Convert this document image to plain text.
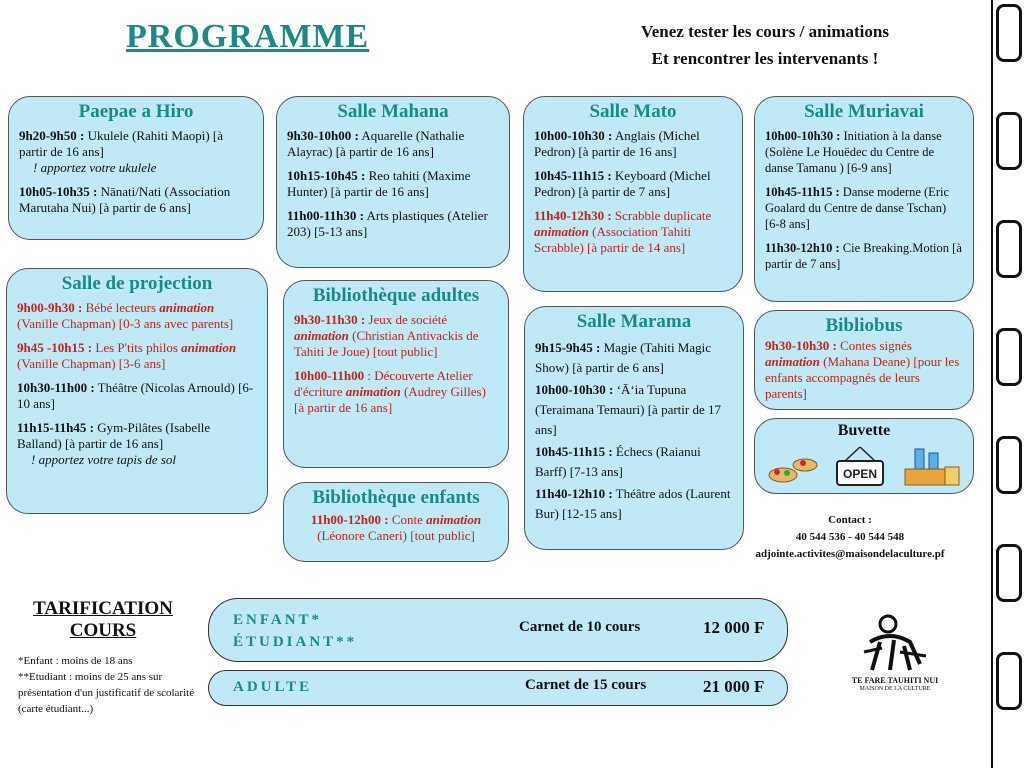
PROGRAMME	Venez tester les cours / animations
Et rencontrer les intervenants !
Paepae a Hiro
9h20-9h50 : Ukulele (Rahiti Maopi) [à partir de 16 ans]
! apportez votre ukulele
10h05-10h35 : Nānati/Nati (Association Marutaha Nui) [à partir de 6 ans]
Salle Mahana
9h30-10h00 : Aquarelle (Nathalie Alayrac) [à partir de 16 ans]
10h15-10h45 : Reo tahiti (Maxime Hunter) [à partir de 16 ans]
11h00-11h30 : Arts plastiques (Atelier 203) [5-13 ans]
Salle Mato
10h00-10h30 : Anglais (Michel Pedron) [à partir de 16 ans]
10h45-11h15 : Keyboard (Michel Pedron) [à partir de 7 ans]
11h40-12h30 : Scrabble duplicate animation (Association Tahiti Scrabble) [à partir de 14 ans]
Salle Muriavai
10h00-10h30 : Initiation à la danse (Solène Le Houëdec du Centre de danse Tamanu ) [6-9 ans]
10h45-11h15 : Danse moderne (Eric Goalard du Centre de danse Tschan) [6-8 ans]
11h30-12h10 : Cie Breaking.Motion [à partir de 7 ans]
Salle de projection
9h00-9h30 : Bébé lecteurs animation (Vanille Chapman) [0-3 ans avec parents]
9h45 -10h15 : Les P'tits philos animation (Vanille Chapman) [3-6 ans]
10h30-11h00 : Théâtre (Nicolas Arnould) [6-10 ans]
11h15-11h45 : Gym-Pilâtes (Isabelle Balland) [à partir de 16 ans]
! apportez votre tapis de sol
Bibliothèque adultes
9h30-11h30 : Jeux de société animation (Christian Antivackis de Tahiti Je Joue) [tout public]
10h00-11h00 : Découverte Atelier d'écriture animation (Audrey Gilles) [à partir de 16 ans]
Salle Marama
9h15-9h45 : Magie (Tahiti Magic Show) [à partir de 6 ans]
10h00-10h30 : ʻĀʻia Tupuna (Teraimana Temauri) [à partir de 17 ans]
10h45-11h15 : Échecs (Raianui Barff) [7-13 ans]
11h40-12h10 : Théâtre ados (Laurent Bur) [12-15 ans]
Bibliobus
9h30-10h30 : Contes signés animation (Mahana Deane) [pour les enfants accompagnés de leurs parents]
Buvette
OPEN
Bibliothèque enfants
11h00-12h00 : Conte animation (Léonore Caneri) [tout public]
Contact :
40 544 536 - 40 544 548
adjointe.activites@maisondelaculture.pf
TARIFICATION COURS
*Enfant : moins de 18 ans
**Etudiant : moins de 25 ans sur présentation d'un justificatif de scolarité (carte étudiant...)
ENFANT* ÉTUDIANT**
Carnet de 10 cours	12 000 F
ADULTE	Carnet de 15 cours	21 000 F	TE FARE TAUHITI NUI
MAISON DE LA CULTURE
